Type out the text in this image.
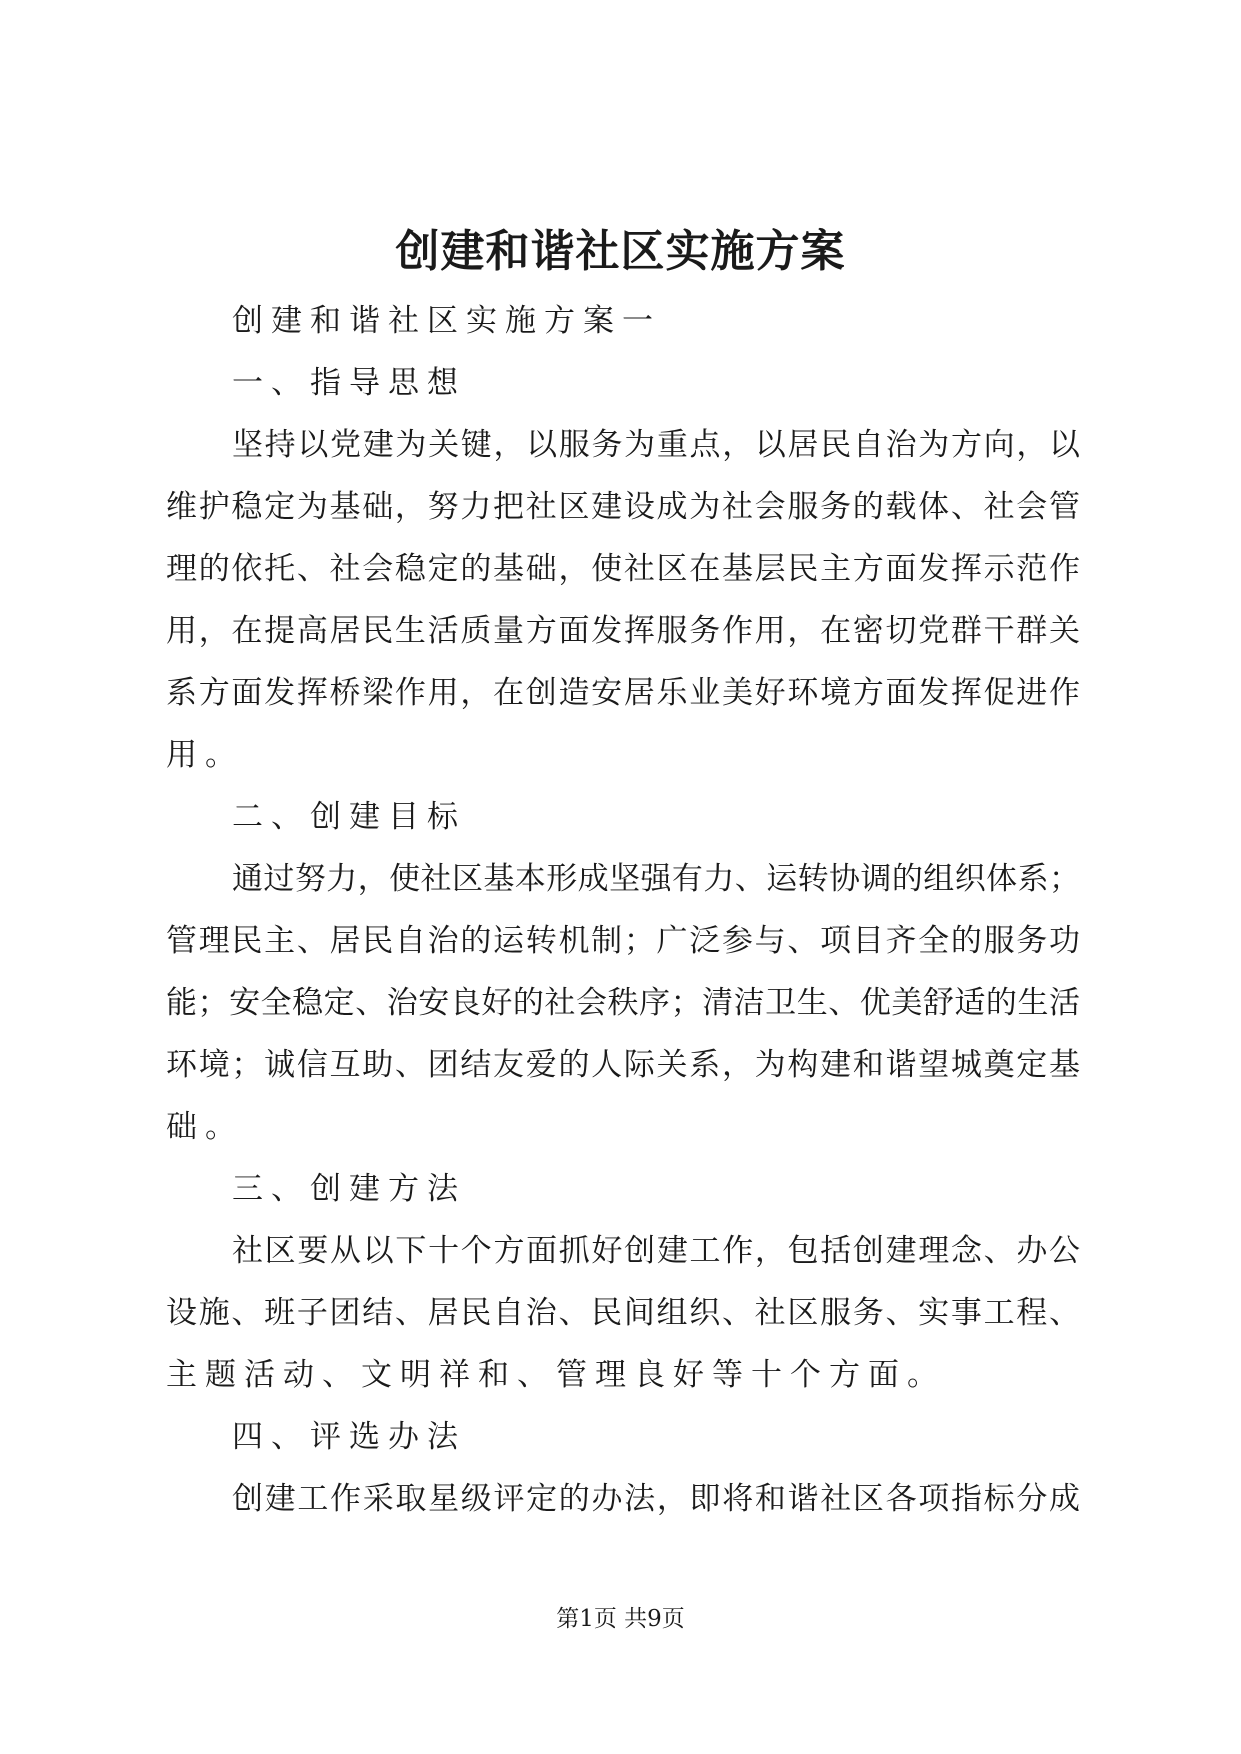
创建和谐社区实施方案
创建和谐社区实施方案一
一、指导思想
坚持以党建为关键，以服务为重点，以居民自治为方向，以
维护稳定为基础，努力把社区建设成为社会服务的载体、社会管
理的依托、社会稳定的基础，使社区在基层民主方面发挥示范作
用，在提高居民生活质量方面发挥服务作用，在密切党群干群关
系方面发挥桥梁作用，在创造安居乐业美好环境方面发挥促进作
用。
二、创建目标
通过努力，使社区基本形成坚强有力、运转协调的组织体系；
管理民主、居民自治的运转机制；广泛参与、项目齐全的服务功
能；安全稳定、治安良好的社会秩序；清洁卫生、优美舒适的生活
环境；诚信互助、团结友爱的人际关系，为构建和谐望城奠定基
础。
三、创建方法
社区要从以下十个方面抓好创建工作，包括创建理念、办公
设施、班子团结、居民自治、民间组织、社区服务、实事工程、
主题活动、文明祥和、管理良好等十个方面。
四、评选办法
创建工作采取星级评定的办法，即将和谐社区各项指标分成
第1页 共9页
